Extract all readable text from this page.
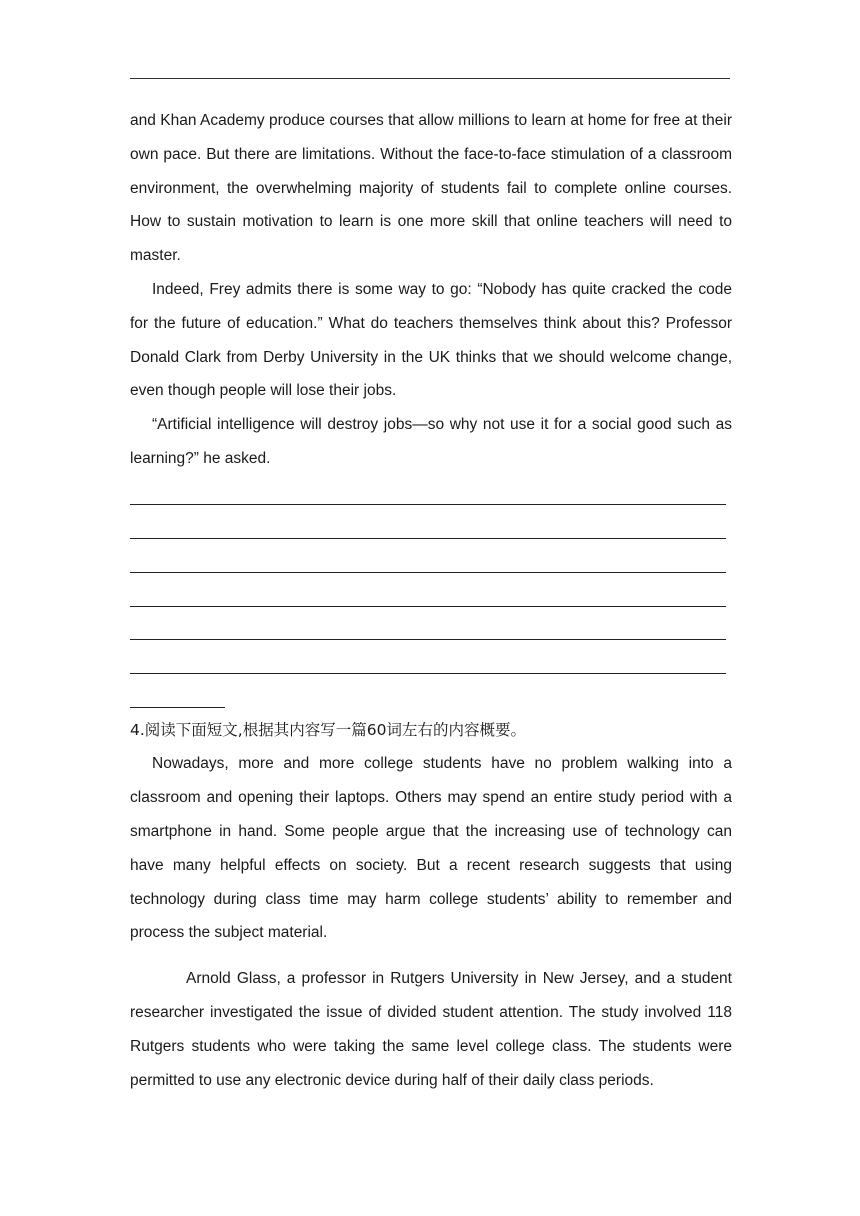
and Khan Academy produce courses that allow millions to learn at home for free at their own pace. But there are limitations. Without the face-to-face stimulation of a classroom environment, the overwhelming majority of students fail to complete online courses. How to sustain motivation to learn is one more skill that online teachers will need to master.

Indeed, Frey admits there is some way to go: “Nobody has quite cracked the code for the future of education.” What do teachers themselves think about this? Professor Donald Clark from Derby University in the UK thinks that we should welcome change, even though people will lose their jobs.

“Artificial intelligence will destroy jobs—so why not use it for a social good such as learning?” he asked.

4.阅读下面短文,根据其内容写一篇60词左右的内容概要。

Nowadays, more and more college students have no problem walking into a classroom and opening their laptops. Others may spend an entire study period with a smartphone in hand. Some people argue that the increasing use of technology can have many helpful effects on society. But a recent research suggests that using technology during class time may harm college students’ ability to remember and process the subject material.

Arnold Glass, a professor in Rutgers University in New Jersey, and a student researcher investigated the issue of divided student attention. The study involved 118 Rutgers students who were taking the same level college class. The students were permitted to use any electronic device during half of their daily class periods.
